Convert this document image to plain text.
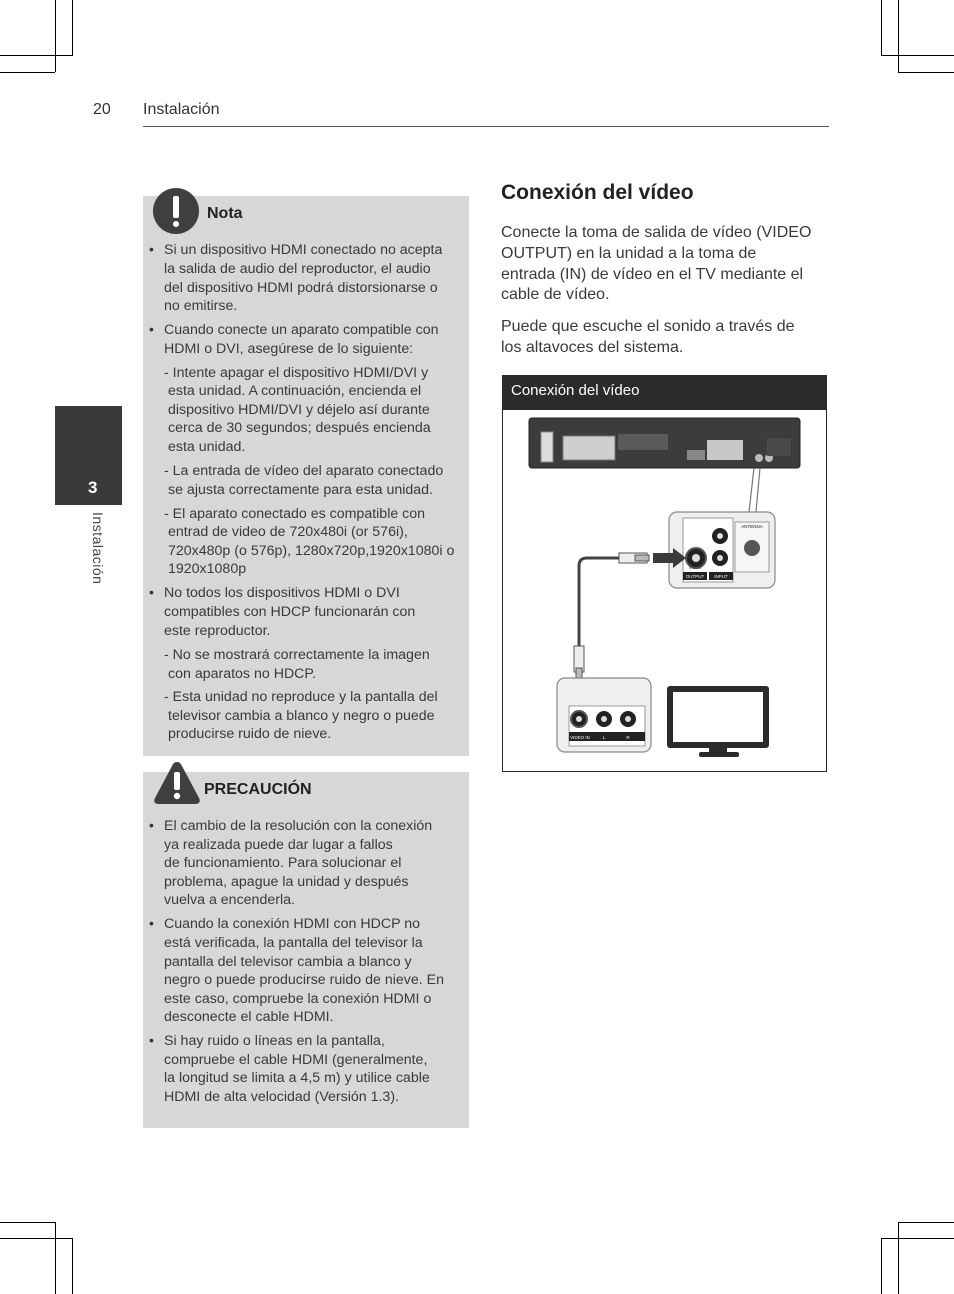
20 Instalación
3
Instalación
Nota
• Si un dispositivo HDMI conectado no acepta
la salida de audio del reproductor, el audio
del dispositivo HDMI podrá distorsionarse o
no emitirse.
• Cuando conecte un aparato compatible con
HDMI o DVI, asegúrese de lo siguiente:
- Intente apagar el dispositivo HDMI/DVI y
esta unidad. A continuación, encienda el
dispositivo HDMI/DVI y déjelo así durante
cerca de 30 segundos; después encienda
esta unidad.
- La entrada de vídeo del aparato conectado
se ajusta correctamente para esta unidad.
- El aparato conectado es compatible con
entrad de video de 720x480i (or 576i),
720x480p (o 576p), 1280x720p,1920x1080i o
1920x1080p
• No todos los dispositivos HDMI o DVI
compatibles con HDCP funcionarán con
este reproductor.
- No se mostrará correctamente la imagen
con aparatos no HDCP.
- Esta unidad no reproduce y la pantalla del
televisor cambia a blanco y negro o puede
producirse ruido de nieve.
PRECAUCIÓN
• El cambio de la resolución con la conexión
ya realizada puede dar lugar a fallos
de funcionamiento. Para solucionar el
problema, apague la unidad y después
vuelva a encenderla.
• Cuando la conexión HDMI con HDCP no
está verificada, la pantalla del televisor la
pantalla del televisor cambia a blanco y
negro o puede producirse ruido de nieve. En
este caso, compruebe la conexión HDMI o
desconecte el cable HDMI.
• Si hay ruido o líneas en la pantalla,
compruebe el cable HDMI (generalmente,
la longitud se limita a 4,5 m) y utilice cable
HDMI de alta velocidad (Versión 1.3).
Conexión del vídeo
Conecte la toma de salida de vídeo (VIDEO
OUTPUT) en la unidad a la toma de
entrada (IN) de vídeo en el TV mediante el
cable de vídeo.
Puede que escuche el sonido a través de
los altavoces del sistema.
Conexión del vídeo
VIDEO
OUTPUT INPUT
ANTENNA
VIDEO IN	L	R
